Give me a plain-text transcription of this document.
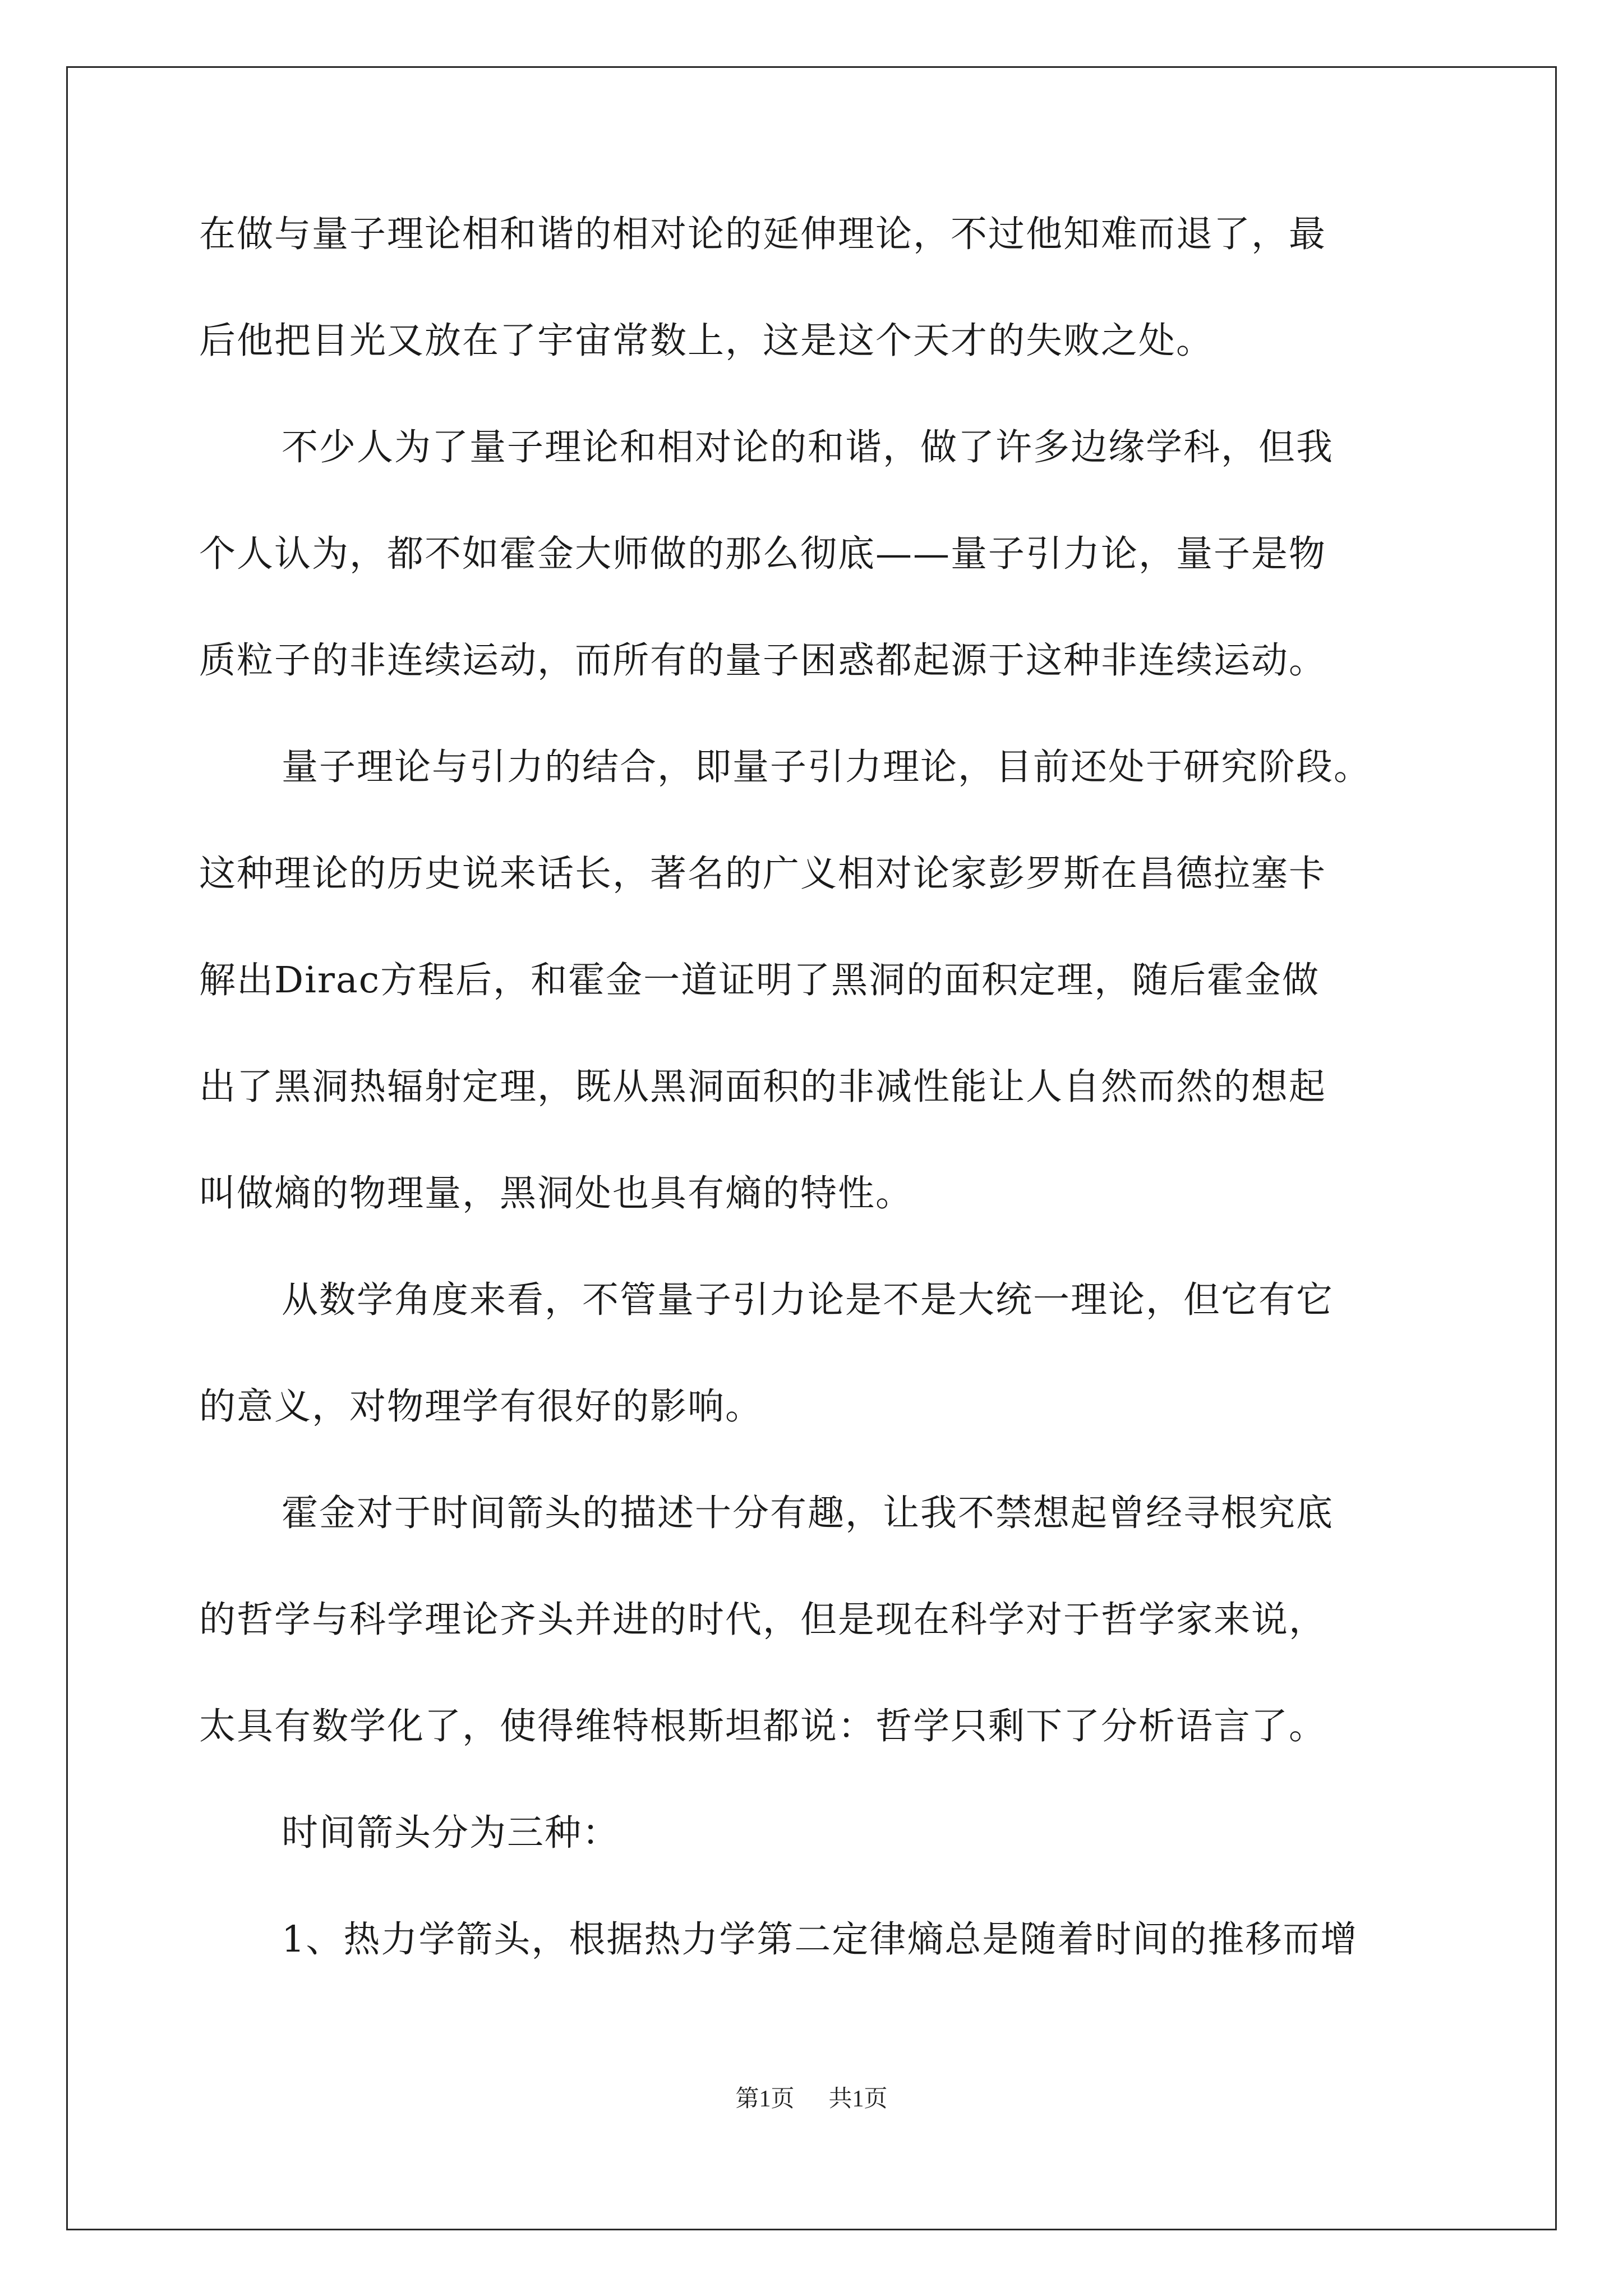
在做与量子理论相和谐的相对论的延伸理论，不过他知难而退了，最
后他把目光又放在了宇宙常数上，这是这个天才的失败之处。
不少人为了量子理论和相对论的和谐，做了许多边缘学科，但我
个人认为，都不如霍金大师做的那么彻底——量子引力论，量子是物
质粒子的非连续运动，而所有的量子困惑都起源于这种非连续运动。
量子理论与引力的结合，即量子引力理论，目前还处于研究阶段。
这种理论的历史说来话长，著名的广义相对论家彭罗斯在昌德拉塞卡
解出Dirac方程后，和霍金一道证明了黑洞的面积定理，随后霍金做
出了黑洞热辐射定理，既从黑洞面积的非减性能让人自然而然的想起
叫做熵的物理量，黑洞处也具有熵的特性。
从数学角度来看，不管量子引力论是不是大统一理论，但它有它
的意义，对物理学有很好的影响。
霍金对于时间箭头的描述十分有趣，让我不禁想起曾经寻根究底
的哲学与科学理论齐头并进的时代，但是现在科学对于哲学家来说，
太具有数学化了，使得维特根斯坦都说：哲学只剩下了分析语言了。
时间箭头分为三种：
1、热力学箭头，根据热力学第二定律熵总是随着时间的推移而增
第1页 共1页
